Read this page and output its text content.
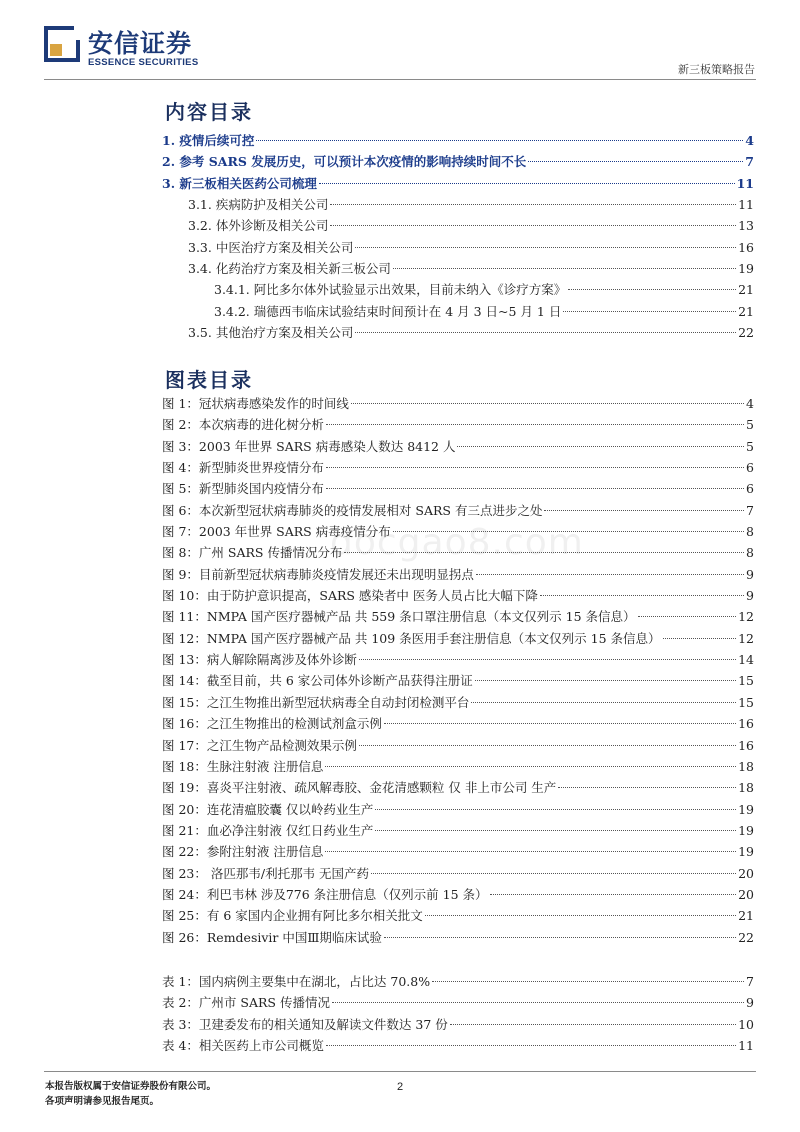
安信证券
ESSENCE SECURITIES
新三板策略报告
内容目录
1. 疫情后续可控	4
2. 参考 SARS 发展历史，可以预计本次疫情的影响持续时间不长	7
3. 新三板相关医药公司梳理	11
3.1. 疾病防护及相关公司	11
3.2. 体外诊断及相关公司	13
3.3. 中医治疗方案及相关公司	16
3.4. 化药治疗方案及相关新三板公司	19
3.4.1. 阿比多尔体外试验显示出效果，目前未纳入《诊疗方案》	21
3.4.2. 瑞德西韦临床试验结束时间预计在 4 月 3 日~5 月 1 日	21
3.5. 其他治疗方案及相关公司	22
图表目录
图 1：冠状病毒感染发作的时间线	4
图 2：本次病毒的进化树分析	5
图 3：2003 年世界 SARS 病毒感染人数达 8412 人	5
图 4：新型肺炎世界疫情分布	6
图 5：新型肺炎国内疫情分布	6
图 6：本次新型冠状病毒肺炎的疫情发展相对 SARS 有三点进步之处	7
图 7：2003 年世界 SARS 病毒疫情分布	8
图 8：广州 SARS 传播情况分布	8
图 9：目前新型冠状病毒肺炎疫情发展还未出现明显拐点	9
图 10：由于防护意识提高，SARS 感染者中 医务人员占比大幅下降	9
图 11：NMPA 国产医疗器械产品 共 559 条口罩注册信息（本文仅列示 15 条信息）	12
图 12：NMPA 国产医疗器械产品 共 109 条医用手套注册信息（本文仅列示 15 条信息）	12
图 13：病人解除隔离涉及体外诊断	14
图 14：截至目前，共 6 家公司体外诊断产品获得注册证	15
图 15：之江生物推出新型冠状病毒全自动封闭检测平台	15
图 16：之江生物推出的检测试剂盒示例	16
图 17：之江生物产品检测效果示例	16
图 18：生脉注射液 注册信息	18
图 19：喜炎平注射液、疏风解毒胶、金花清感颗粒 仅 非上市公司 生产	18
图 20：连花清瘟胶囊 仅以岭药业生产	19
图 21：血必净注射液 仅红日药业生产	19
图 22：参附注射液 注册信息	19
图 23： 洛匹那韦/利托那韦 无国产药	20
图 24：利巴韦林 涉及776 条注册信息（仅列示前 15 条）	20
图 25：有 6 家国内企业拥有阿比多尔相关批文	21
图 26：Remdesivir 中国Ⅲ期临床试验	22
表 1：国内病例主要集中在湖北，占比达 70.8%	7
表 2：广州市 SARS 传播情况	9
表 3：卫建委发布的相关通知及解读文件数达 37 份	10
表 4：相关医药上市公司概览	11
docgao8.com
本报告版权属于安信证券股份有限公司。
各项声明请参见报告尾页。
2
